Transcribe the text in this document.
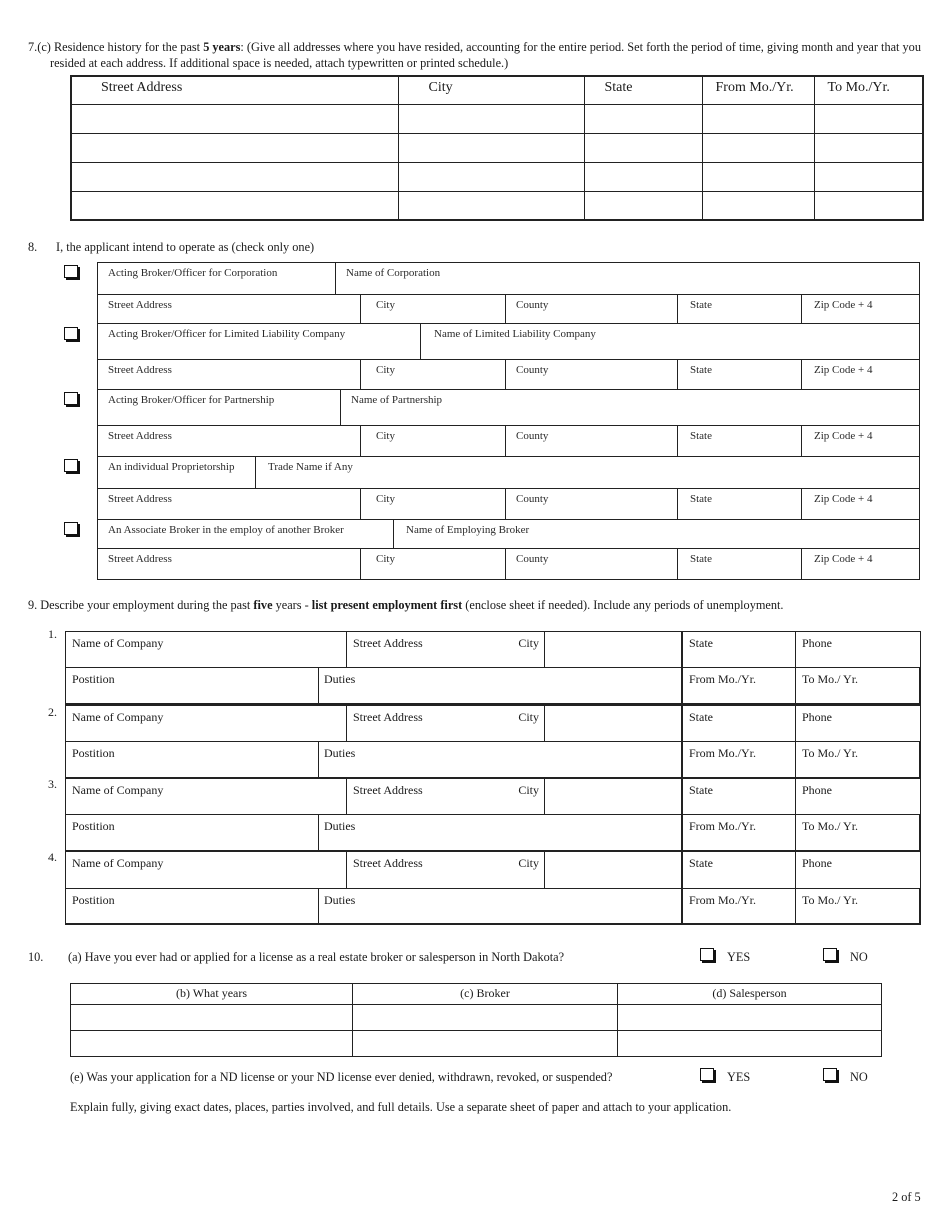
7.(c) Residence history for the past 5 years: (Give all addresses where you have resided, accounting for the entire period. Set forth the period of time, giving month and year that you
resided at each address. If additional space is needed, attach typewritten or printed schedule.)
Street Address	City	State	From Mo./Yr.	To Mo./Yr.

8. I, the applicant intend to operate as (check only one)
Acting Broker/Officer for Corporation	Name of Corporation
Street Address	City	County	State	Zip Code + 4
Acting Broker/Officer for Limited Liability Company	Name of Limited Liability Company
Street Address	City	County	State	Zip Code + 4
Acting Broker/Officer for Partnership	Name of Partnership
Street Address	City	County	State	Zip Code + 4
An individual Proprietorship	Trade Name if Any
Street Address	City	County	State	Zip Code + 4
An Associate Broker in the employ of another Broker	Name of Employing Broker
Street Address	City	County	State	Zip Code + 4
9. Describe your employment during the past five years - list present employment first (enclose sheet if needed). Include any periods of unemployment.
1.
Name of Company	Street Address	City	State	Phone
Postition	Duties	From Mo./Yr.	To Mo./ Yr.
2.	Name of Company	Street Address	City	State	Phone
Postition	Duties	From Mo./Yr.	To Mo./ Yr.
3.	Name of Company	Street Address	City	State	Phone
Postition	Duties	From Mo./Yr.	To Mo./ Yr.
4.	Name of Company	Street Address	City	State	Phone
Postition	Duties	From Mo./Yr.	To Mo./ Yr.
10. (a) Have you ever had or applied for a license as a real estate broker or salesperson in North Dakota?	YES	NO
(b) What years	(c) Broker	(d) Salesperson

(e) Was your application for a ND license or your ND license ever denied, withdrawn, revoked, or suspended?	YES	NO
Explain fully, giving exact dates, places, parties involved, and full details. Use a separate sheet of paper and attach to your application.
2 of 5
